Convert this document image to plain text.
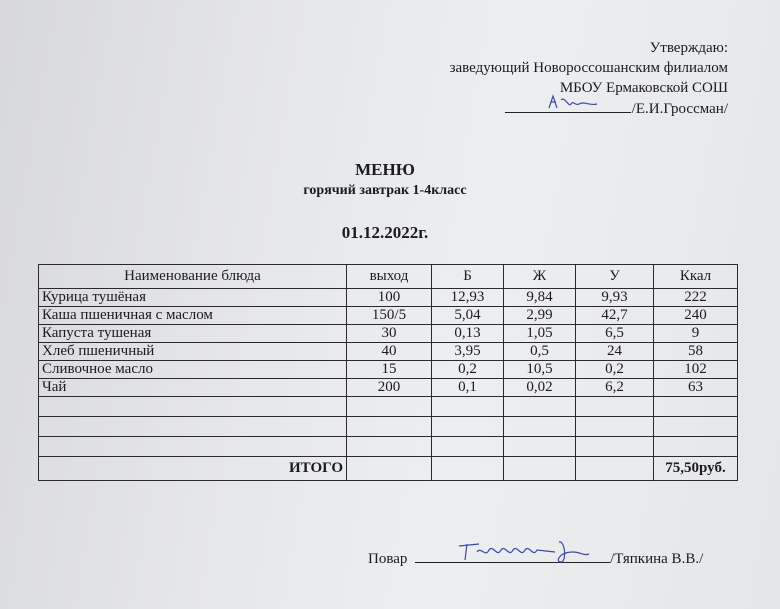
Утверждаю:
заведующий Новороссошанским филиалом
МБОУ Ермаковской СОШ
/Е.И.Гроссман/
МЕНЮ
горячий завтрак 1-4класс
01.12.2022г.
Наименование блюда	выход	Б	Ж	У	Ккал
Курица тушёная	100	12,93	9,84	9,93	222
Каша пшеничная с маслом	150/5	5,04	2,99	42,7	240
Капуста тушеная	30	0,13	1,05	6,5	9
Хлеб пшеничный	40	3,95	0,5	24	58
Сливочное масло	15	0,2	10,5	0,2	102
Чай	200	0,1	0,02	6,2	63

ИТОГО					75,50руб.
Повар	/Тяпкина В.В./
